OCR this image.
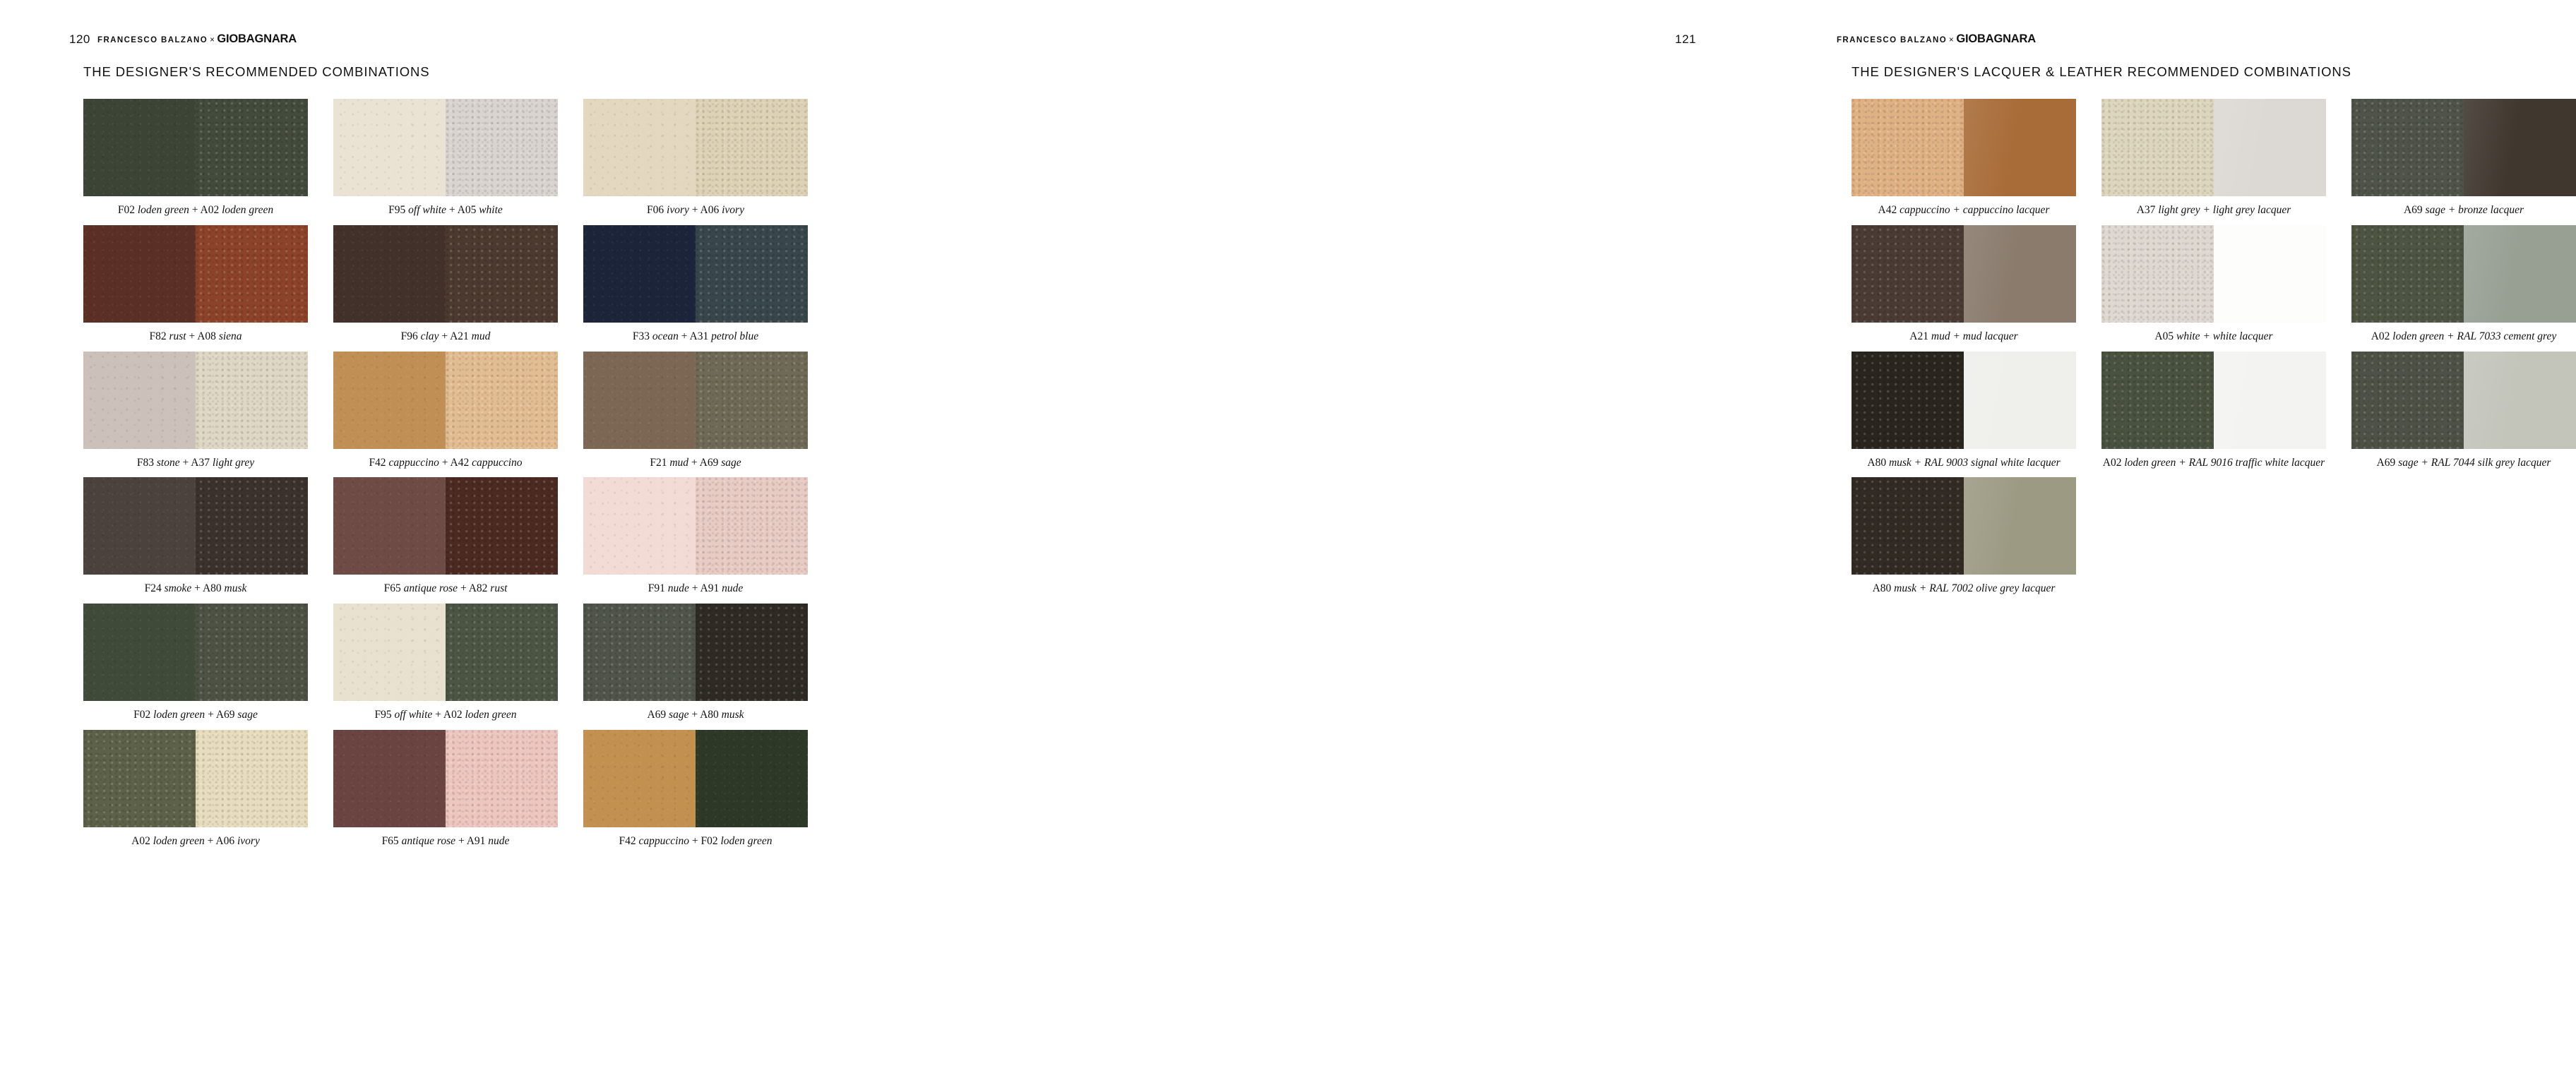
120 FRANCESCO BALZANO × GIOBAGNARA
THE DESIGNER'S RECOMMENDED COMBINATIONS
F02 loden green + A02 loden green	F95 off white + A05 white	F06 ivory + A06 ivory
F82 rust + A08 siena	F96 clay + A21 mud	F33 ocean + A31 petrol blue
F83 stone + A37 light grey	F42 cappuccino + A42 cappuccino	F21 mud + A69 sage
F24 smoke + A80 musk	F65 antique rose + A82 rust	F91 nude + A91 nude
F02 loden green + A69 sage	F95 off white + A02 loden green	A69 sage + A80 musk
A02 loden green + A06 ivory	F65 antique rose + A91 nude	F42 cappuccino + F02 loden green
121	FRANCESCO BALZANO × GIOBAGNARA
THE DESIGNER'S LACQUER & LEATHER RECOMMENDED COMBINATIONS
A42 cappuccino + cappuccino lacquer	A37 light grey + light grey lacquer	A69 sage + bronze lacquer
A21 mud + mud lacquer	A05 white + white lacquer	A02 loden green + RAL 7033 cement grey
A80 musk + RAL 9003 signal white lacquer	A02 loden green + RAL 9016 traffic white lacquer	A69 sage + RAL 7044 silk grey lacquer
A80 musk + RAL 7002 olive grey lacquer
